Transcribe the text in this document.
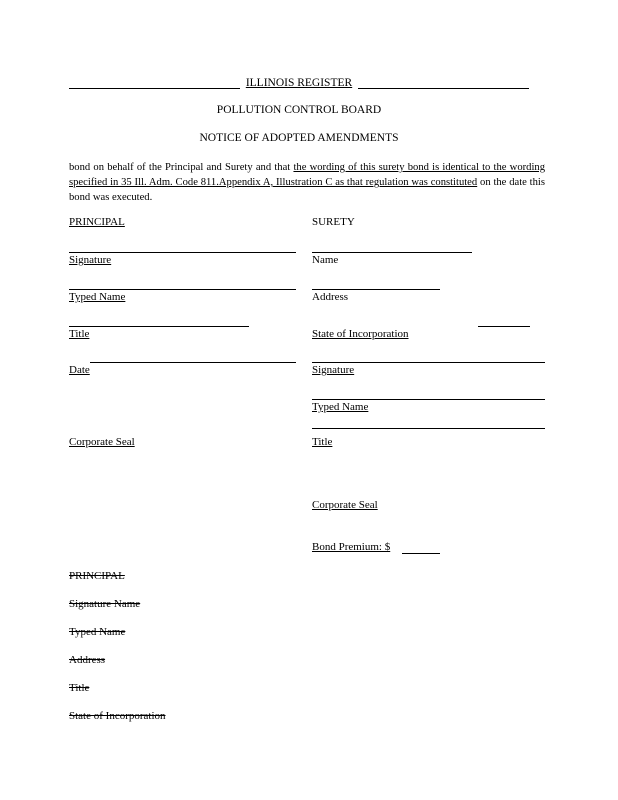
ILLINOIS REGISTER
POLLUTION CONTROL BOARD
NOTICE OF ADOPTED AMENDMENTS
bond on behalf of the Principal and Surety and that the wording of this surety bond is identical to the wording specified in 35 Ill. Adm. Code 811.Appendix A, Illustration C as that regulation was constituted on the date this bond was executed.
PRINCIPAL
Signature
Typed Name
Title
Date
Corporate Seal
SURETY
Name
Address
State of Incorporation
Signature
Typed Name
Title
Corporate Seal
Bond Premium: $
PRINCIPAL
Signature Name
Typed Name
Address
Title
State of Incorporation
